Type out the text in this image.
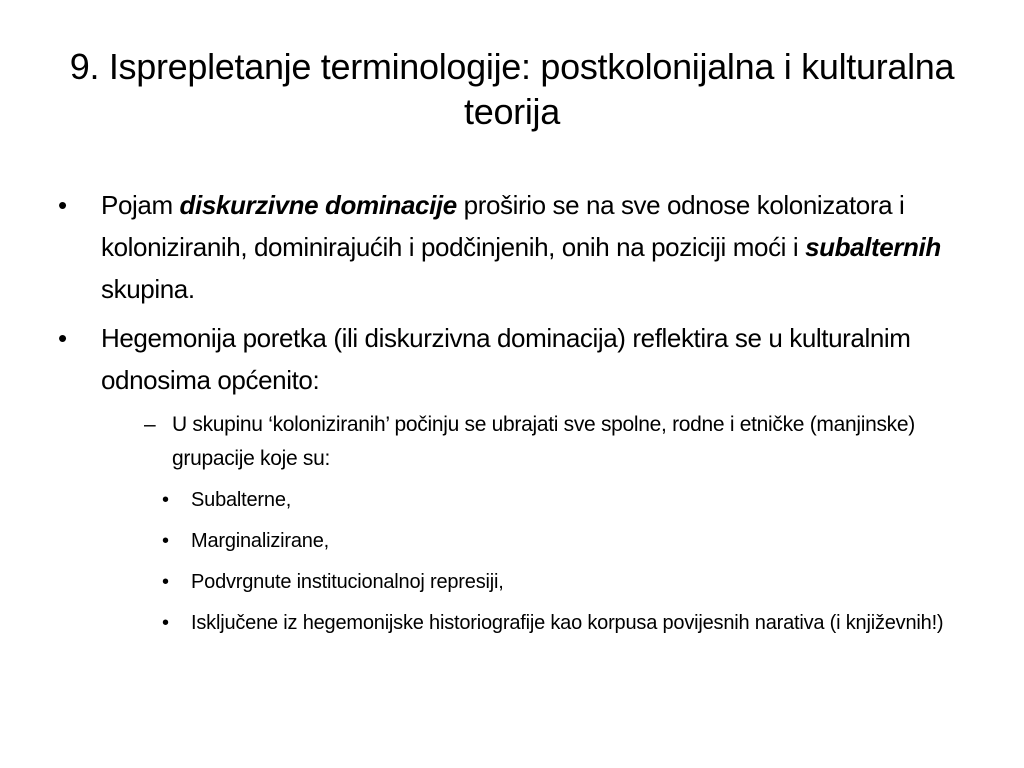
9. Isprepletanje terminologije: postkolonijalna i kulturalna teorija
•	Pojam diskurzivne dominacije proširio se na sve odnose kolonizatora i koloniziranih, dominirajućih i podčinjenih, onih na poziciji moći i subalternih skupina.
•	Hegemonija poretka (ili diskurzivna dominacija) reflektira se u kulturalnim odnosima općenito:
– U skupinu ‘koloniziranih’ počinju se ubrajati sve spolne, rodne i etničke (manjinske) grupacije koje su:
• Subalterne,
• Marginalizirane,
• Podvrgnute institucionalnoj represiji,
• Isključene iz hegemonijske historiografije kao korpusa povijesnih narativa (i književnih!)
